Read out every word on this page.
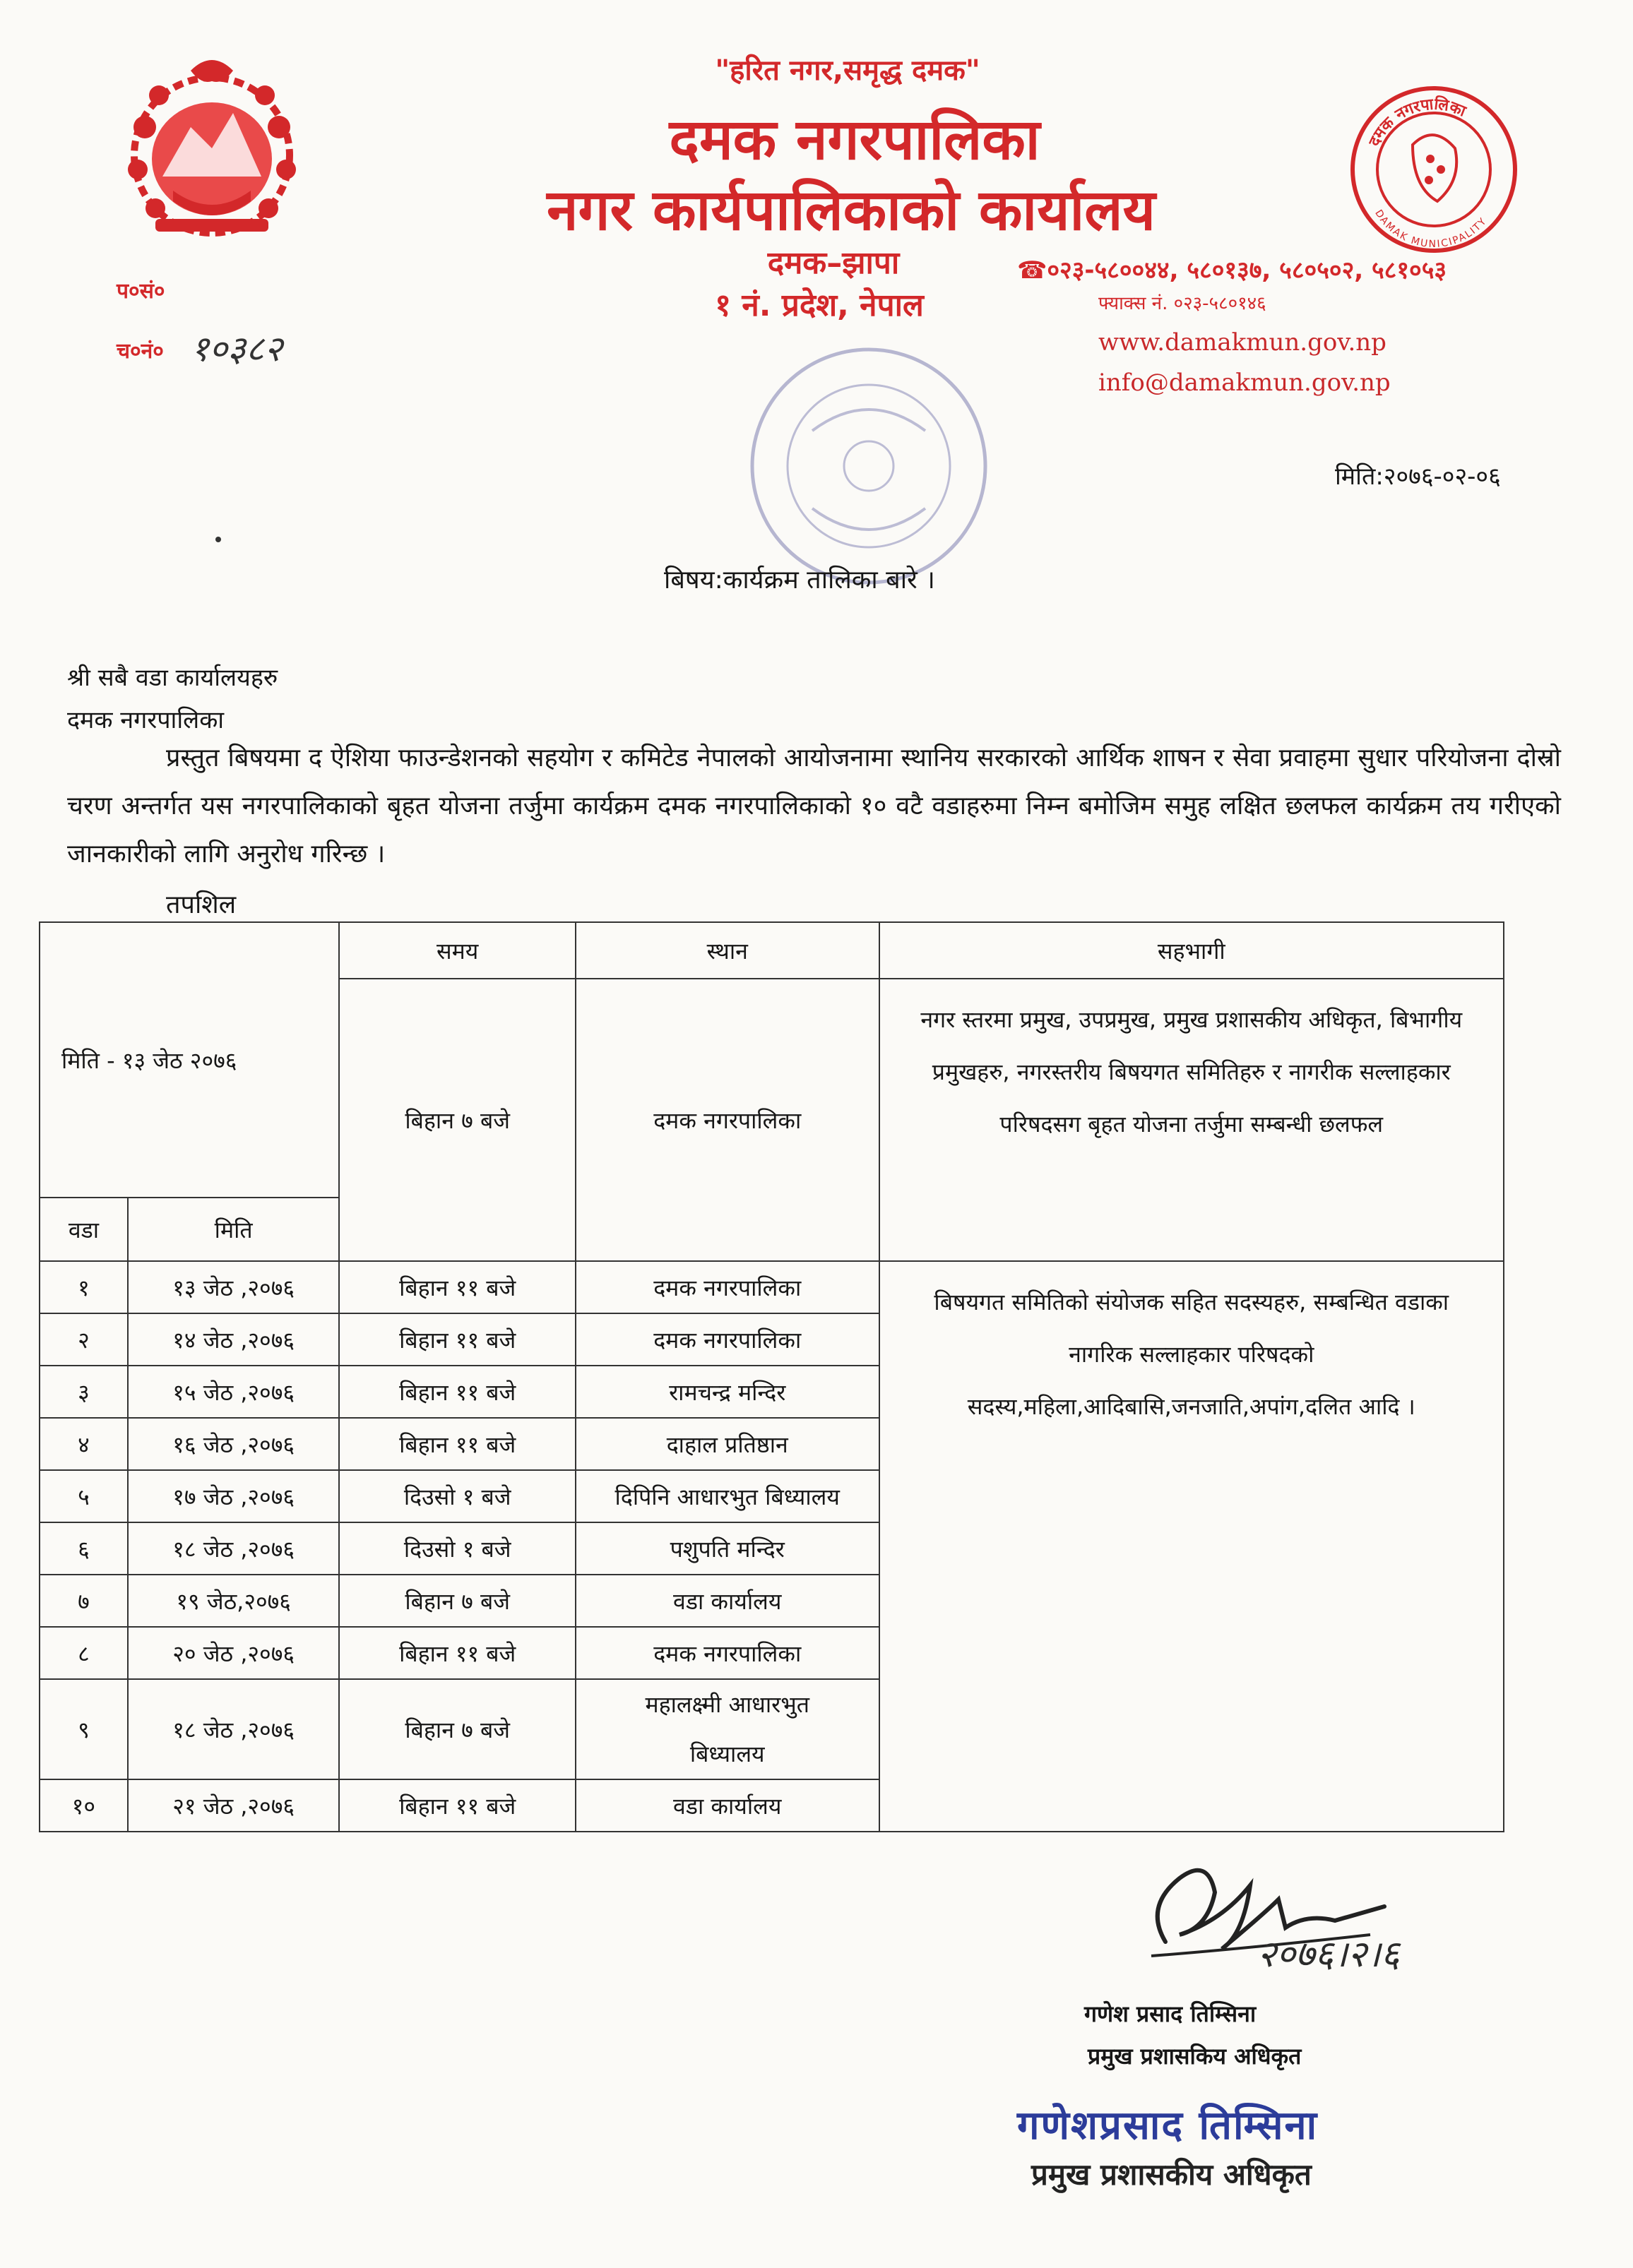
दमक नगरपालिका
DAMAK MUNICIPALITY
"हरित नगर,समृद्ध दमक"
दमक नगरपालिका
नगर कार्यपालिकाको कार्यालय
दमक–झापा
१ नं. प्रदेश, नेपाल
☎०२३-५८००४४, ५८०१३७, ५८०५०२, ५८१०५३
फ्याक्स नं. ०२३-५८०१४६
www.damakmun.gov.np
info@damakmun.gov.np
प०सं०
च०नं० १०३८२
मिति:२०७६-०२-०६
बिषय:कार्यक्रम तालिका बारे ।
श्री सबै वडा कार्यालयहरु
दमक नगरपालिका
प्रस्तुत बिषयमा द ऐशिया फाउन्डेशनको सहयोग र कमिटेड नेपालको आयोजनामा स्थानिय सरकारको आर्थिक शाषन र सेवा प्रवाहमा सुधार परियोजना दोस्रो चरण अन्तर्गत यस नगरपालिकाको बृहत योजना तर्जुमा कार्यक्रम दमक नगरपालिकाको १० वटै वडाहरुमा निम्न बमोजिम समुह लक्षित छलफल कार्यक्रम तय गरीएको जानकारीको लागि अनुरोध गरिन्छ ।
तपशिल
मिति - १३ जेठ २०७६		समय	स्थान	सहभागी
		बिहान ७ बजे	दमक नगरपालिका	नगर स्तरमा प्रमुख, उपप्रमुख, प्रमुख प्रशासकीय अधिकृत, बिभागीय प्रमुखहरु, नगरस्तरीय बिषयगत समितिहरु र नागरीक सल्लाहकार परिषदसग बृहत योजना तर्जुमा सम्बन्धी छलफल
वडा	मिति			
१	१३ जेठ ,२०७६	बिहान ११ बजे	दमक नगरपालिका	बिषयगत समितिको संयोजक सहित सदस्यहरु, सम्बन्धित वडाका नागरिक सल्लाहकार परिषदको सदस्य,महिला,आदिबासि,जनजाति,अपांग,दलित आदि ।
२	१४ जेठ ,२०७६	बिहान ११ बजे	दमक नगरपालिका	
३	१५ जेठ ,२०७६	बिहान ११ बजे	रामचन्द्र मन्दिर	
४	१६ जेठ ,२०७६	बिहान ११ बजे	दाहाल प्रतिष्ठान	
५	१७ जेठ ,२०७६	दिउसो १ बजे	दिपिनि आधारभुत बिध्यालय	
६	१८ जेठ ,२०७६	दिउसो १ बजे	पशुपति मन्दिर	
७	१९ जेठ,२०७६	बिहान ७ बजे	वडा कार्यालय	
८	२० जेठ ,२०७६	बिहान ११ बजे	दमक नगरपालिका	
९	१८ जेठ ,२०७६	बिहान ७ बजे	महालक्ष्मी आधारभुत बिध्यालय	
१०	२१ जेठ ,२०७६	बिहान ११ बजे	वडा कार्यालय	
२०७६।२।६
गणेश प्रसाद तिम्सिना
प्रमुख प्रशासकिय अधिकृत
गणेशप्रसाद तिम्सिना
प्रमुख प्रशासकीय अधिकृत
